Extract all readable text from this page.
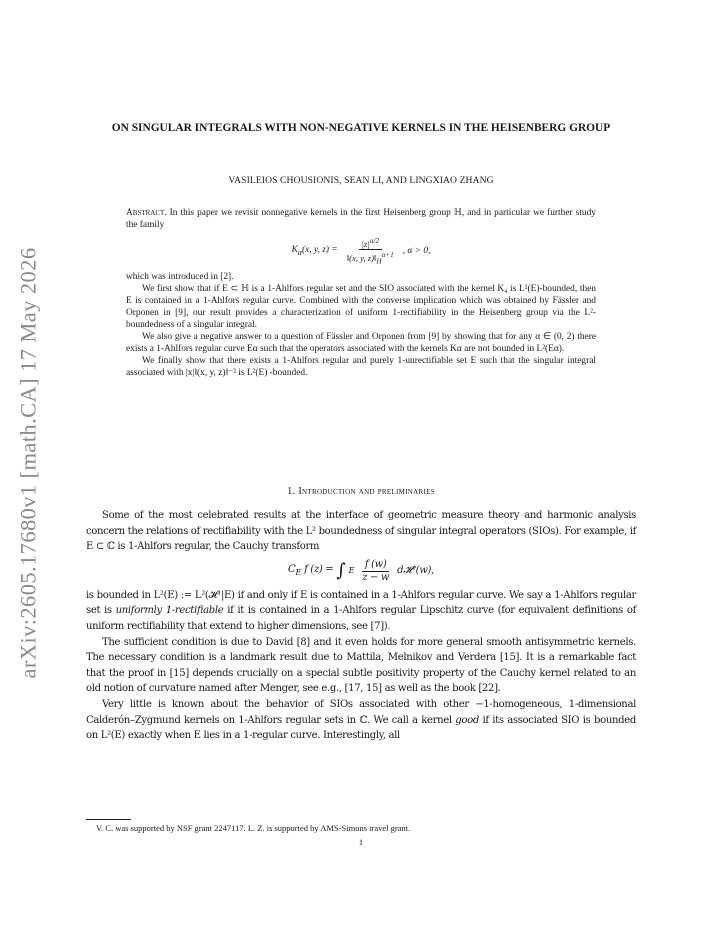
arXiv:2605.17680v1 [math.CA] 17 May 2026
ON SINGULAR INTEGRALS WITH NON-NEGATIVE KERNELS IN THE HEISENBERG GROUP
VASILEIOS CHOUSIONIS, SEAN LI, AND LINGXIAO ZHANG

Abstract. In this paper we revisit nonnegative kernels in the first Heisenberg group ℍ, and in particular we further study the family

$K_\alpha(x$, y, $z) = \frac{|z|^{\alpha/2}}{‖(x, y, z)‖_H^{\alpha+1}}$ , α > 0,

which was introduced in [2].

We first show that if E ⊂ ℍ is a 1-Ahlfors regular set and the SIO associated with the kernel K₄ is L²(E)-bounded, then E is contained in a 1-Ahlfors regular curve. Combined with the converse implication which was obtained by Fässler and Orponen in [9], our result provides a characterization of uniform 1-rectifiability in the Heisenberg group via the L²-boundedness of a singular integral.

We also give a negative answer to a question of Fässler and Orponen from [9] by showing that for any α ∈ (0, 2) there exists a 1-Ahlfors regular curve Eα such that the operators associated with the kernels Kα are not bounded in L²(Eα).

We finally show that there exists a 1-Ahlfors regular and purely 1-unrectifiable set E such that the singular integral associated with |x|‖(x, y, z)‖⁻² is L²(E) -bounded.

1. Introduction and preliminaries

Some of the most celebrated results at the interface of geometric measure theory and harmonic analysis concern the relations of rectifiability with the L² boundedness of singular integral operators (SIOs). For example, if E ⊂ ℂ is 1-Ahlfors regular, the Cauchy transform

$C_E$ f (z) = ∫ E $\frac{f (w)}{z - w}$ d𝓗¹(w),

is bounded in L²(E) := L²(𝓗¹|E) if and only if E is contained in a 1-Ahlfors regular curve. We say a 1-Ahlfors regular set is uniformly 1-rectifiable if it is contained in a 1-Ahlfors regular Lipschitz curve (for equivalent definitions of uniform rectifiability that extend to higher dimensions, see [7]).

The sufficient condition is due to David [8] and it even holds for more general smooth antisymmetric kernels. The necessary condition is a landmark result due to Mattila, Melnikov and Verdera [15]. It is a remarkable fact that the proof in [15] depends crucially on a special subtle positivity property of the Cauchy kernel related to an old notion of curvature named after Menger, see e.g., [17, 15] as well as the book [22].

Very little is known about the behavior of SIOs associated with other −1-homogeneous, 1-dimensional Calderón–Zygmund kernels on 1-Ahlfors regular sets in ℂ. We call a kernel good if its associated SIO is bounded on L²(E) exactly when E lies in a 1-regular curve. Interestingly, all

V. C. was supported by NSF grant 2247117. L. Z. is supported by AMS-Simons travel grant.
1
